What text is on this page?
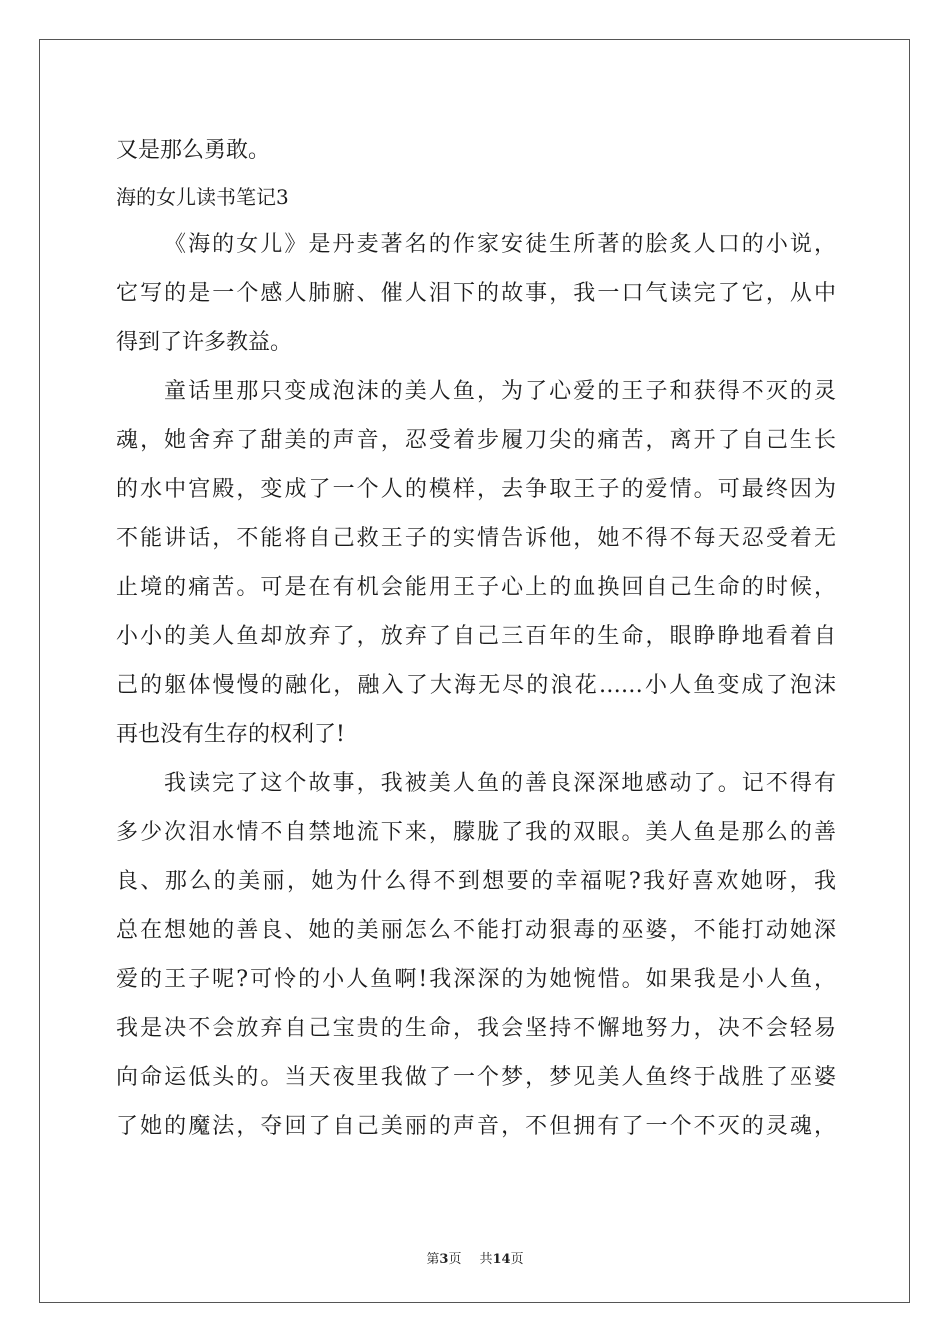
又是那么勇敢。
海的女儿读书笔记3
《海的女儿》是丹麦著名的作家安徒生所著的脍炙人口的小说，
它写的是一个感人肺腑、催人泪下的故事，我一口气读完了它，从中
得到了许多教益。
童话里那只变成泡沫的美人鱼，为了心爱的王子和获得不灭的灵
魂，她舍弃了甜美的声音，忍受着步履刀尖的痛苦，离开了自己生长
的水中宫殿，变成了一个人的模样，去争取王子的爱情。可最终因为
不能讲话，不能将自己救王子的实情告诉他，她不得不每天忍受着无
止境的痛苦。可是在有机会能用王子心上的血换回自己生命的时候，
小小的美人鱼却放弃了，放弃了自己三百年的生命，眼睁睁地看着自
己的躯体慢慢的融化，融入了大海无尽的浪花……小人鱼变成了泡沫
再也没有生存的权利了!
我读完了这个故事，我被美人鱼的善良深深地感动了。记不得有
多少次泪水情不自禁地流下来，朦胧了我的双眼。美人鱼是那么的善
良、那么的美丽，她为什么得不到想要的幸福呢?我好喜欢她呀，我
总在想她的善良、她的美丽怎么不能打动狠毒的巫婆，不能打动她深
爱的王子呢?可怜的小人鱼啊!我深深的为她惋惜。如果我是小人鱼，
我是决不会放弃自己宝贵的生命，我会坚持不懈地努力，决不会轻易
向命运低头的。当天夜里我做了一个梦，梦见美人鱼终于战胜了巫婆
了她的魔法，夺回了自己美丽的声音，不但拥有了一个不灭的灵魂，
第3页 共14页
